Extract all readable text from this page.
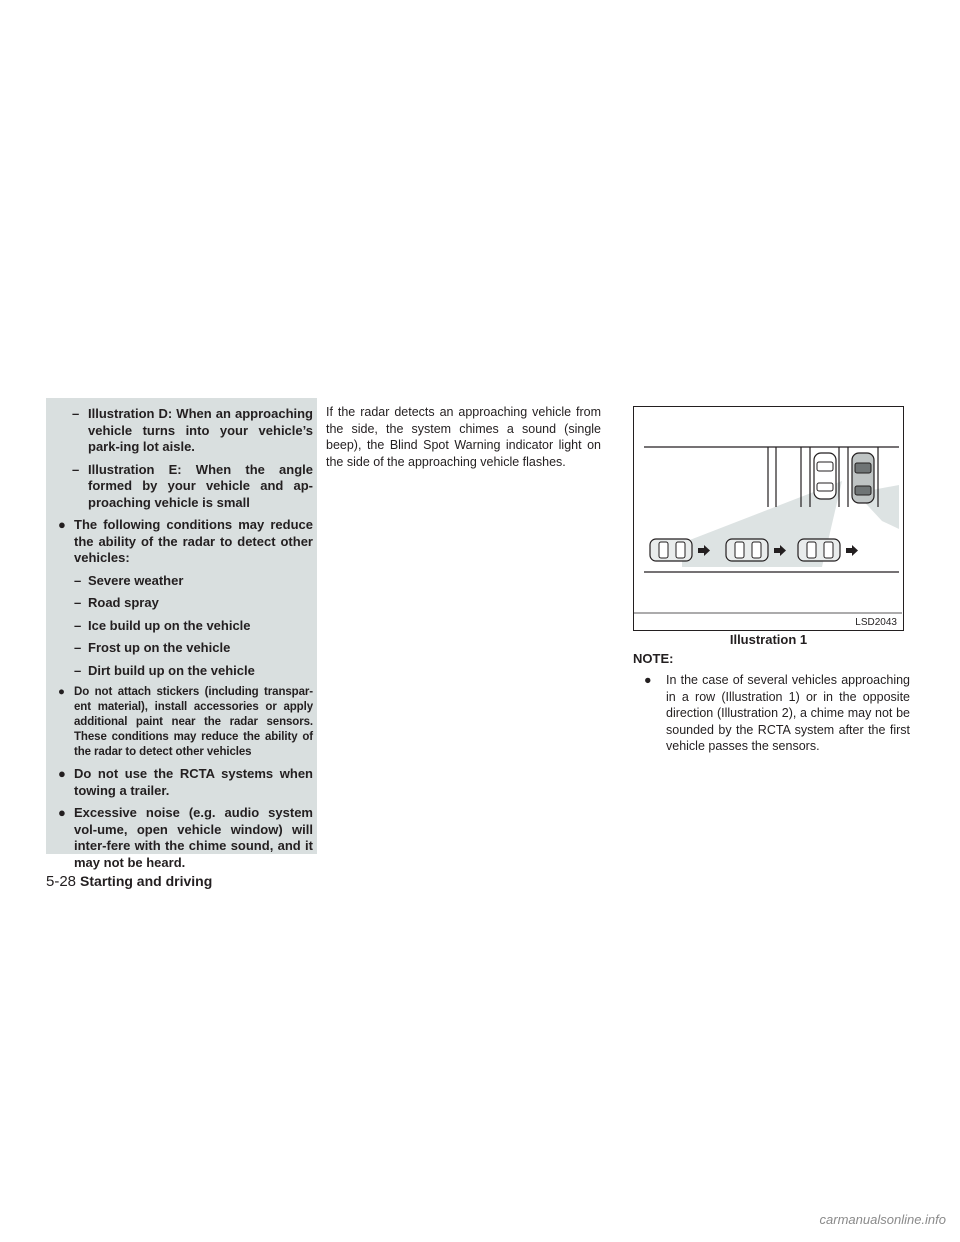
– Illustration D: When an approaching vehicle turns into your vehicle’s park-ing lot aisle.
– Illustration E: When the angle formed by your vehicle and ap-proaching vehicle is small
● The following conditions may reduce the ability of the radar to detect other vehicles:
– Severe weather
– Road spray
– Ice build up on the vehicle
– Frost up on the vehicle
– Dirt build up on the vehicle
● Do not attach stickers (including transpar-ent material), install accessories or apply additional paint near the radar sensors. These conditions may reduce the ability of the radar to detect other vehicles
● Do not use the RCTA systems when towing a trailer.
● Excessive noise (e.g. audio system vol-ume, open vehicle window) will inter-fere with the chime sound, and it may not be heard.
If the radar detects an approaching vehicle from the side, the system chimes a sound (single beep), the Blind Spot Warning indicator light on the side of the approaching vehicle flashes.
LSD2043
Illustration 1
NOTE:
● In the case of several vehicles approaching in a row (Illustration 1) or in the opposite direction (Illustration 2), a chime may not be sounded by the RCTA system after the first vehicle passes the sensors.
5-28 Starting and driving
carmanualsonline.info
